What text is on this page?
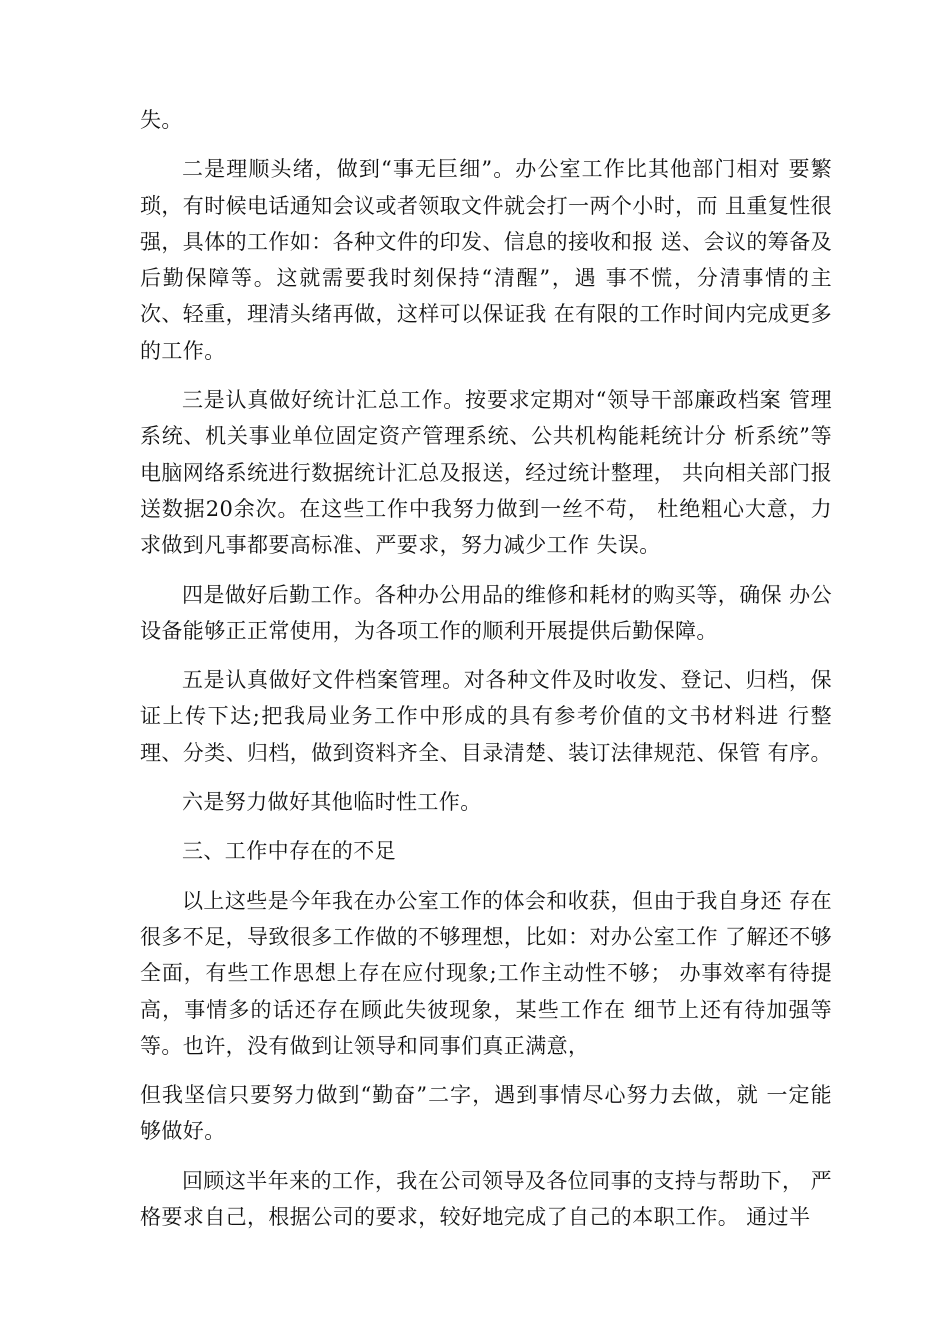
失。

二是理顺头绪，做到“事无巨细”。办公室工作比其他部门相对 要繁琐，有时候电话通知会议或者领取文件就会打一两个小时，而 且重复性很强，具体的工作如：各种文件的印发、信息的接收和报 送、会议的筹备及后勤保障等。这就需要我时刻保持“清醒”，遇 事不慌，分清事情的主次、轻重，理清头绪再做，这样可以保证我 在有限的工作时间内完成更多的工作。

三是认真做好统计汇总工作。按要求定期对“领导干部廉政档案 管理系统、机关事业单位固定资产管理系统、公共机构能耗统计分 析系统”等电脑网络系统进行数据统计汇总及报送，经过统计整理， 共向相关部门报送数据20余次。在这些工作中我努力做到一丝不苟， 杜绝粗心大意，力求做到凡事都要高标准、严要求，努力减少工作 失误。

四是做好后勤工作。各种办公用品的维修和耗材的购买等，确保 办公设备能够正正常使用，为各项工作的顺利开展提供后勤保障。

五是认真做好文件档案管理。对各种文件及时收发、登记、归档，保证上传下达;把我局业务工作中形成的具有参考价值的文书材料进 行整理、分类、归档，做到资料齐全、目录清楚、装订法律规范、保管 有序。

六是努力做好其他临时性工作。

三、工作中存在的不足

以上这些是今年我在办公室工作的体会和收获，但由于我自身还 存在很多不足，导致很多工作做的不够理想，比如：对办公室工作 了解还不够全面，有些工作思想上存在应付现象;工作主动性不够； 办事效率有待提高，事情多的话还存在顾此失彼现象，某些工作在 细节上还有待加强等等。也许，没有做到让领导和同事们真正满意，

但我坚信只要努力做到“勤奋”二字，遇到事情尽心努力去做，就 一定能够做好。

回顾这半年来的工作，我在公司领导及各位同事的支持与帮助下， 严格要求自己，根据公司的要求，较好地完成了自己的本职工作。 通过半
